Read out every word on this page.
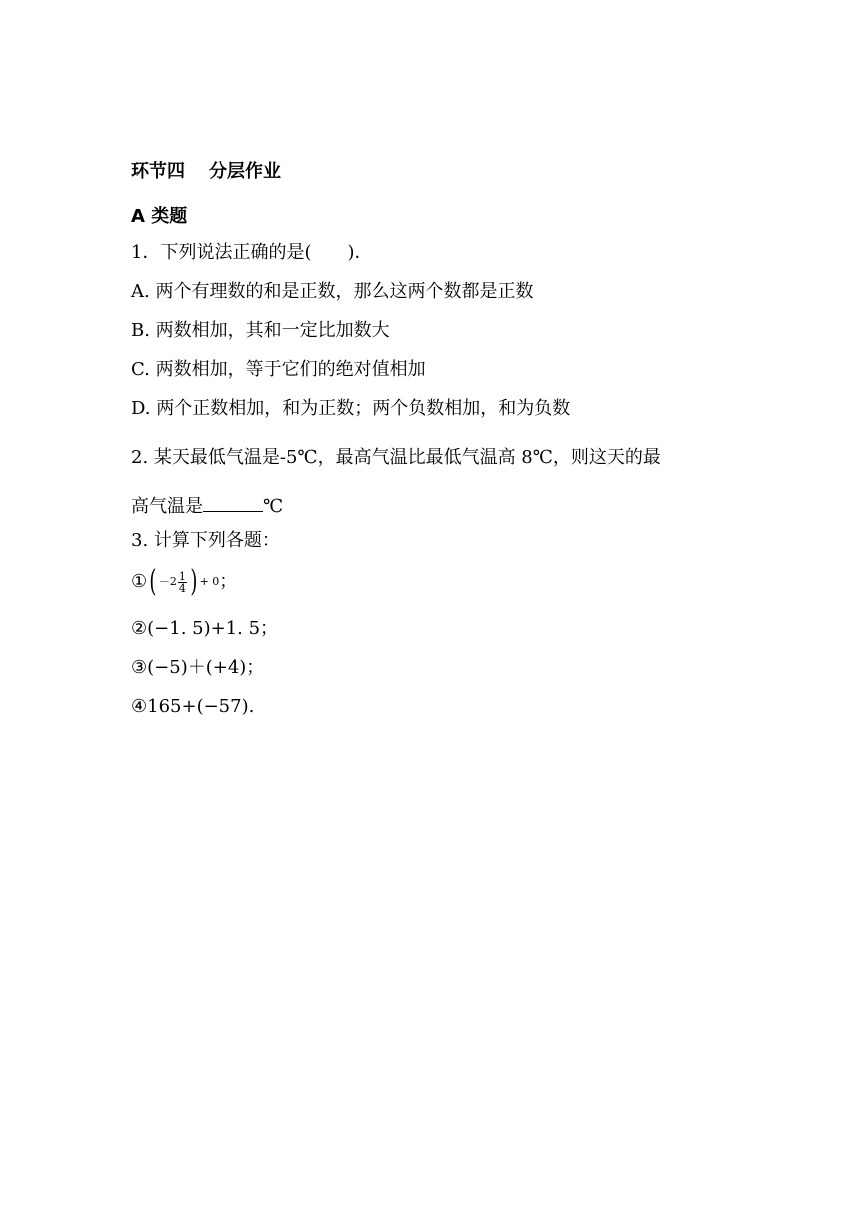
环节四 分层作业
A 类题
1．下列说法正确的是(　　)．
A. 两个有理数的和是正数，那么这两个数都是正数
B. 两数相加，其和一定比加数大
C. 两数相加，等于它们的绝对值相加
D. 两个正数相加，和为正数；两个负数相加，和为负数
2. 某天最低气温是-5℃，最高气温比最低气温高 8℃，则这天的最
高气温是	℃
3. 计算下列各题：
① ( － $2 \frac{1}{4}$ ) + 0 ；
②(−1. 5)+1. 5；
③(−5)＋(+4)；
④165+(−57).
